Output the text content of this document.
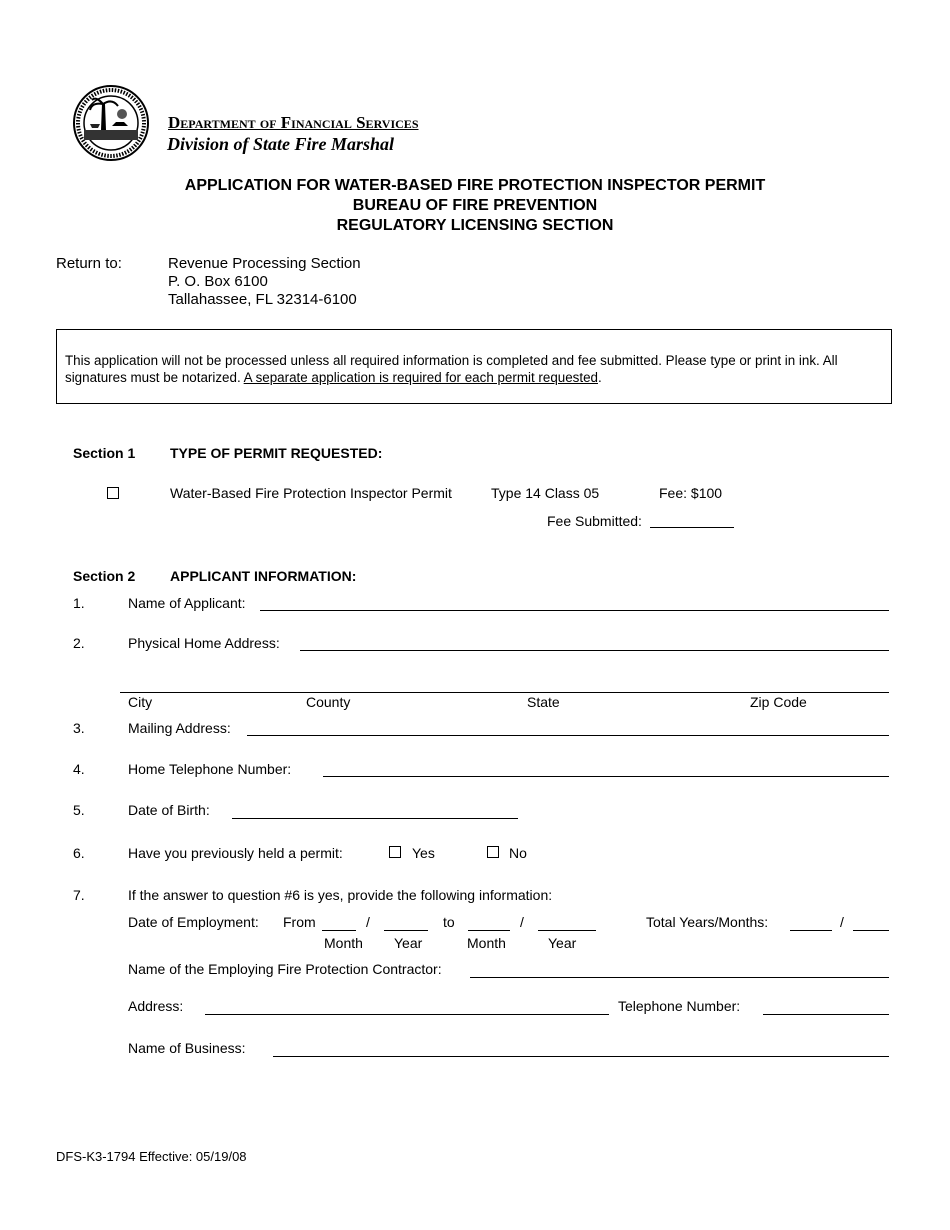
Department of Financial Services
Division of State Fire Marshal
APPLICATION FOR WATER-BASED FIRE PROTECTION INSPECTOR PERMIT
BUREAU OF FIRE PREVENTION
REGULATORY LICENSING SECTION
Return to:	Revenue Processing Section
P. O. Box 6100
Tallahassee, FL 32314-6100
This application will not be processed unless all required information is completed and fee submitted. Please type or print in ink. All
signatures must be notarized. A separate application is required for each permit requested.
Section 1 TYPE OF PERMIT REQUESTED:
Water-Based Fire Protection Inspector Permit	Type 14 Class 05	Fee: $100
Fee Submitted:
Section 2 APPLICANT INFORMATION:
1.	Name of Applicant:
2.	Physical Home Address:
City	County	State	Zip Code
3.	Mailing Address:
4.	Home Telephone Number:
5.	Date of Birth:
6.	Have you previously held a permit:	Yes	No
7.	If the answer to question #6 is yes, provide the following information:
Date of Employment: From	/	to	/	Total Years/Months:	/
Month Year	Month	Year
Name of the Employing Fire Protection Contractor:
Address:	Telephone Number:
Name of Business:
DFS-K3-1794 Effective: 05/19/08
